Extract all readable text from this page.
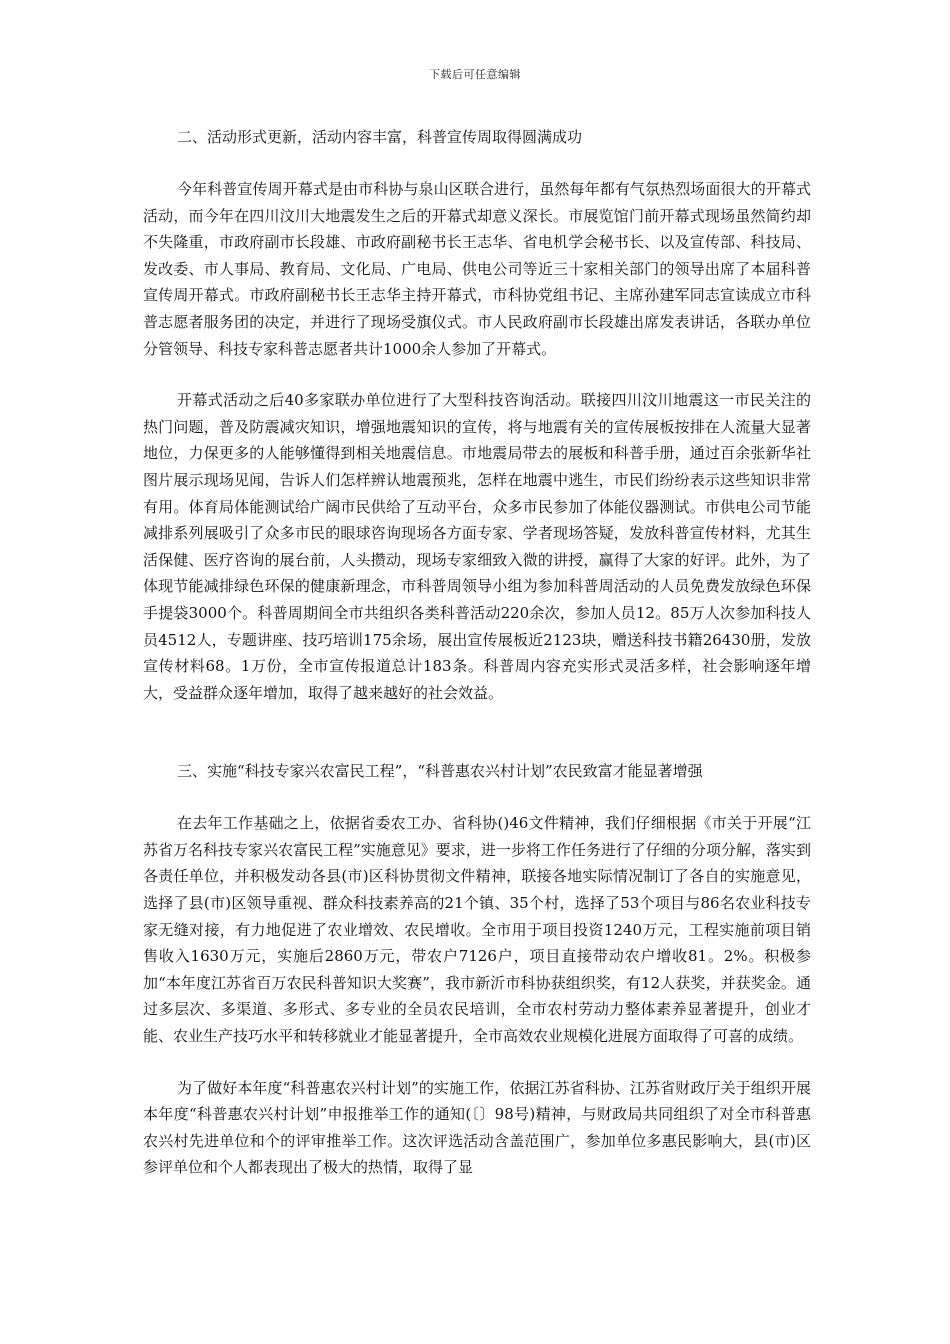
下载后可任意编辑

二、活动形式更新，活动内容丰富，科普宣传周取得圆满成功

今年科普宣传周开幕式是由市科协与泉山区联合进行，虽然每年都有气氛热烈场面很大的开幕式活动，而今年在四川汶川大地震发生之后的开幕式却意义深长。市展览馆门前开幕式现场虽然简约却不失隆重，市政府副市长段雄、市政府副秘书长王志华、省电机学会秘书长、以及宣传部、科技局、发改委、市人事局、教育局、文化局、广电局、供电公司等近三十家相关部门的领导出席了本届科普宣传周开幕式。市政府副秘书长王志华主持开幕式，市科协党组书记、主席孙建军同志宣读成立市科普志愿者服务团的决定，并进行了现场受旗仪式。市人民政府副市长段雄出席发表讲话，各联办单位分管领导、科技专家科普志愿者共计1000余人参加了开幕式。

开幕式活动之后40多家联办单位进行了大型科技咨询活动。联接四川汶川地震这一市民关注的热门问题，普及防震减灾知识，增强地震知识的宣传，将与地震有关的宣传展板按排在人流量大显著地位，力保更多的人能够懂得到相关地震信息。市地震局带去的展板和科普手册，通过百余张新华社图片展示现场见闻，告诉人们怎样辨认地震预兆，怎样在地震中逃生，市民们纷纷表示这些知识非常有用。体育局体能测试给广阔市民供给了互动平台，众多市民参加了体能仪器测试。市供电公司节能减排系列展吸引了众多市民的眼球咨询现场各方面专家、学者现场答疑，发放科普宣传材料，尤其生活保健、医疗咨询的展台前，人头攒动，现场专家细致入微的讲授，赢得了大家的好评。此外，为了体现节能减排绿色环保的健康新理念，市科普周领导小组为参加科普周活动的人员免费发放绿色环保手提袋3000个。科普周期间全市共组织各类科普活动220余次，参加人员12。85万人次参加科技人员4512人，专题讲座、技巧培训175余场，展出宣传展板近2123块，赠送科技书籍26430册，发放宣传材料68。1万份，全市宣传报道总计183条。科普周内容充实形式灵活多样，社会影响逐年增大，受益群众逐年增加，取得了越来越好的社会效益。

三、实施“科技专家兴农富民工程”，“科普惠农兴村计划”农民致富才能显著增强

在去年工作基础之上，依据省委农工办、省科协()46文件精神，我们仔细根据《市关于开展“江苏省万名科技专家兴农富民工程”实施意见》要求，进一步将工作任务进行了仔细的分项分解，落实到各责任单位，并积极发动各县(市)区科协贯彻文件精神，联接各地实际情况制订了各自的实施意见，选择了县(市)区领导重视、群众科技素养高的21个镇、35个村，选择了53个项目与86名农业科技专家无缝对接，有力地促进了农业增效、农民增收。全市用于项目投资1240万元，工程实施前项目销售收入1630万元，实施后2860万元，带农户7126户，项目直接带动农户增收81。2%。积极参加“本年度江苏省百万农民科普知识大奖赛”，我市新沂市科协获组织奖，有12人获奖，并获奖金。通过多层次、多渠道、多形式、多专业的全员农民培训，全市农村劳动力整体素养显著提升，创业才能、农业生产技巧水平和转移就业才能显著提升，全市高效农业规模化进展方面取得了可喜的成绩。

为了做好本年度“科普惠农兴村计划”的实施工作，依据江苏省科协、江苏省财政厅关于组织开展本年度“科普惠农兴村计划”申报推举工作的通知(〔〕98号)精神，与财政局共同组织了对全市科普惠农兴村先进单位和个的评审推举工作。这次评选活动含盖范围广，参加单位多惠民影响大，县(市)区参评单位和个人都表现出了极大的热情，取得了显
